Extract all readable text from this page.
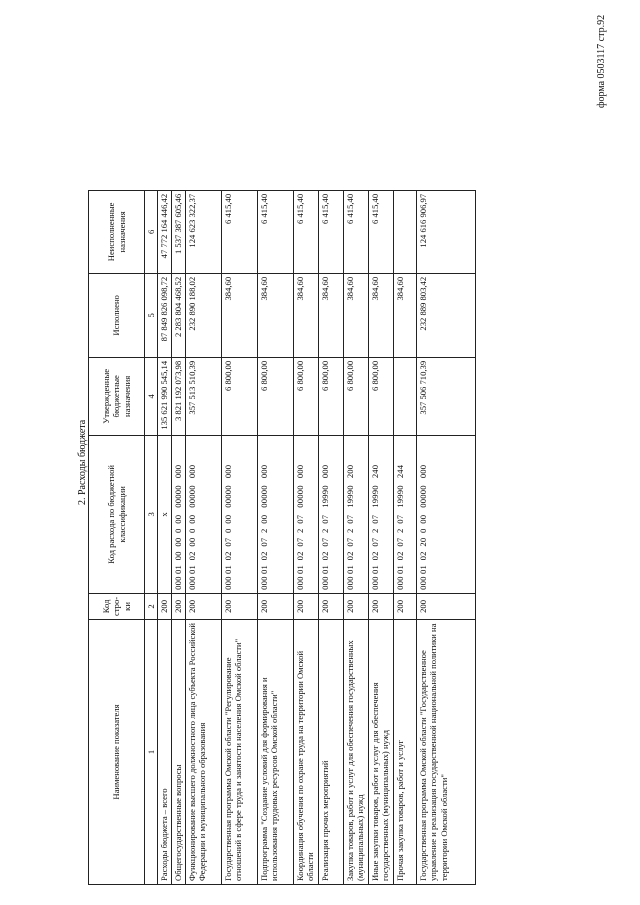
форма 0503117 стр.92
2. Расходы бюджета
Наименование показателя	Код стро- ки	Код расхода по бюджетной классификации	Утвержденные бюджетные назначения	Исполнено	Неисполненные назначения
1	2	3	4	5	6
Расходы бюджета – всего	200	x	135 621 990 545,14	87 849 826 098,72	47 772 164 446,42
Общегосударственные вопросы	200	000 01  00  00  0  00   00000   000	3 821 192 073,98	2 283 804 468,52	1 537 387 605,46
Функционирование высшего должностного лица субъекта Российской Федерации и муниципального образования	200	000 01  02  00  0  00   00000   000	357 513 510,39	232 890 188,02	124 623 322,37
Государственная программа Омской области "Регулирование отношений в сфере труда и занятости населения Омской области"	200	000 01  02  07  0  00   00000   000	6 800,00	384,60	6 415,40
Подпрограмма "Создание условий для формирования и использования трудовых ресурсов Омской области"	200	000 01  02  07  2  00   00000   000	6 800,00	384,60	6 415,40
Координация обучения по охране труда на территории Омской области	200	000 01  02  07  2  07   00000   000	6 800,00	384,60	6 415,40
Реализация прочих мероприятий	200	000 01  02  07  2  07   19990   000	6 800,00	384,60	6 415,40
Закупка товаров, работ и услуг для обеспечения государственных (муниципальных) нужд	200	000 01  02  07  2  07   19990   200	6 800,00	384,60	6 415,40
Иные закупки товаров, работ и услуг для обеспечения государственных (муниципальных) нужд	200	000 01  02  07  2  07   19990   240	6 800,00	384,60	6 415,40
Прочая закупка товаров, работ и услуг	200	000 01  02  07  2  07   19990   244		384,60	
Государственная программа Омской области "Государственное управление и реализация государственной национальной политики на территории Омской области"	200	000 01  02  20  0  00   00000   000	357 506 710,39	232 889 803,42	124 616 906,97
